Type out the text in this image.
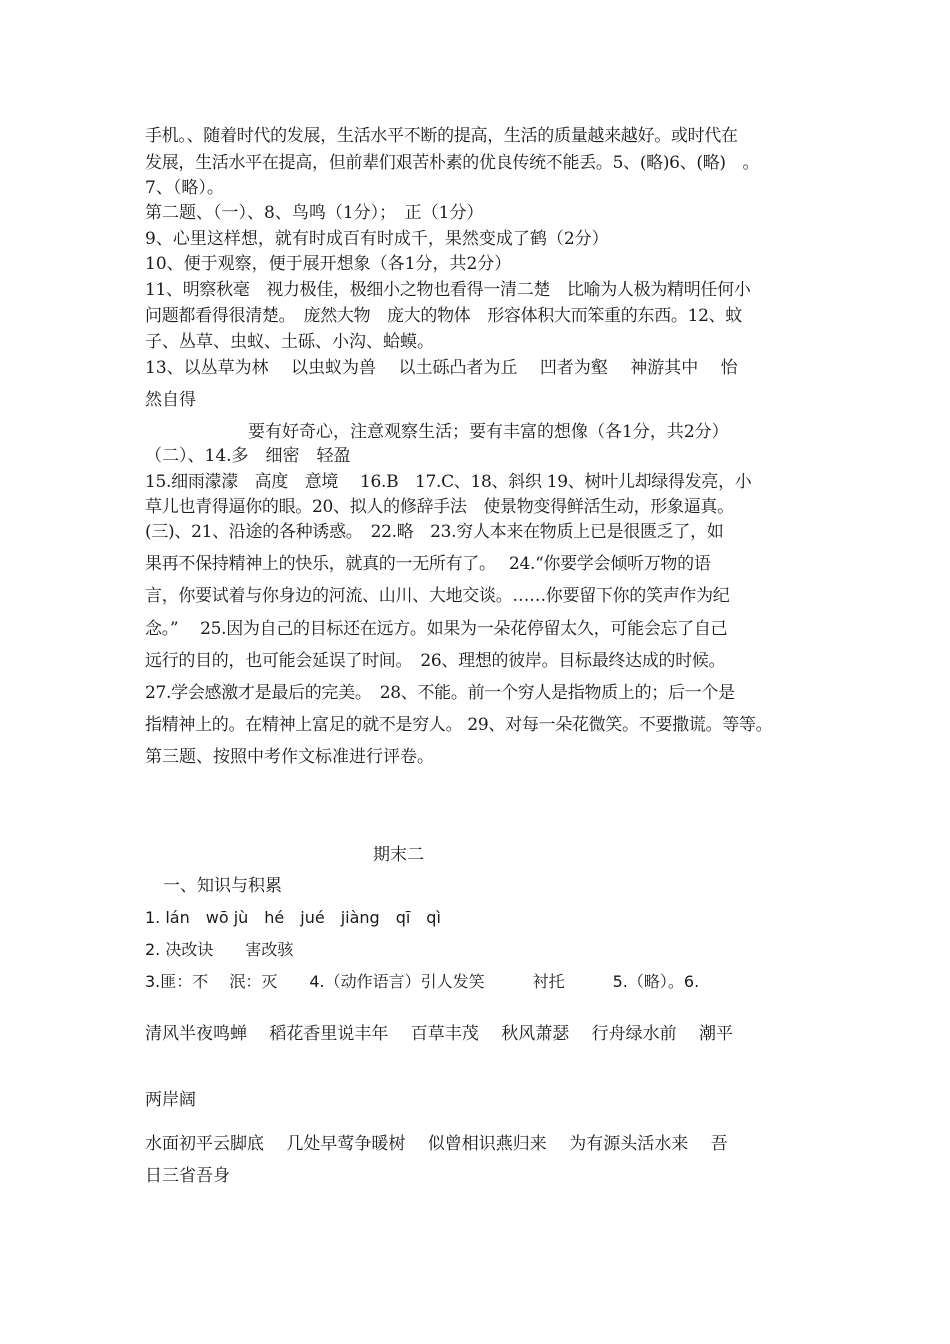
手机。、随着时代的发展，生活水平不断的提高，生活的质量越来越好。或时代在
发展，生活水平在提高，但前辈们艰苦朴素的优良传统不能丢。5、(略)6、(略)　。
7、（略）。
第二题、（一）、8、鸟鸣（1分）；　正（1分）
9、心里这样想，就有时成百有时成千，果然变成了鹤（2分）
10、便于观察，便于展开想象（各1分，共2分）
11、明察秋毫　视力极佳，极细小之物也看得一清二楚　比喻为人极为精明任何小
问题都看得很清楚。　庞然大物　庞大的物体　形容体积大而笨重的东西。12、蚊
子、丛草、虫蚁、土砾、小沟、蛤蟆。
13、以丛草为林　 以虫蚁为兽　 以土砾凸者为丘　 凹者为壑　 神游其中　 怡
然自得
要有好奇心，注意观察生活；要有丰富的想像（各1分，共2分）
（二）、14.多　细密　轻盈
15.细雨濛濛　高度　意境　 16.B　17.C、18、斜织 19、树叶儿却绿得发亮，小
草儿也青得逼你的眼。20、拟人的修辞手法　使景物变得鲜活生动，形象逼真。
(三)、21、沿途的各种诱惑。　22.略　23.穷人本来在物质上已是很匮乏了，如
果再不保持精神上的快乐，就真的一无所有了。　 24.“你要学会倾听万物的语
言，你要试着与你身边的河流、山川、大地交谈。……你要留下你的笑声作为纪
念。”　 25.因为自己的目标还在远方。如果为一朵花停留太久，可能会忘了自己
远行的目的，也可能会延误了时间。　26、理想的彼岸。目标最终达成的时候。
27.学会感激才是最后的完美。　28、不能。前一个穷人是指物质上的；后一个是
指精神上的。在精神上富足的就不是穷人。 29、对每一朵花微笑。不要撒谎。等等。
第三题、按照中考作文标准进行评卷。
期末二
一、知识与积累
1. lán　wō jù　hé　jué　jiàng　qī　qì
2. 决改诀　　害改骇
3.匪：不　 泯：灭　　4.（动作语言）引人发笑　　　衬托　　　5.（略）。6.
清风半夜鸣蝉　 稻花香里说丰年　 百草丰茂　 秋风萧瑟　 行舟绿水前　 潮平
两岸阔
水面初平云脚底　 几处早莺争暖树　 似曾相识燕归来　 为有源头活水来　 吾
日三省吾身
